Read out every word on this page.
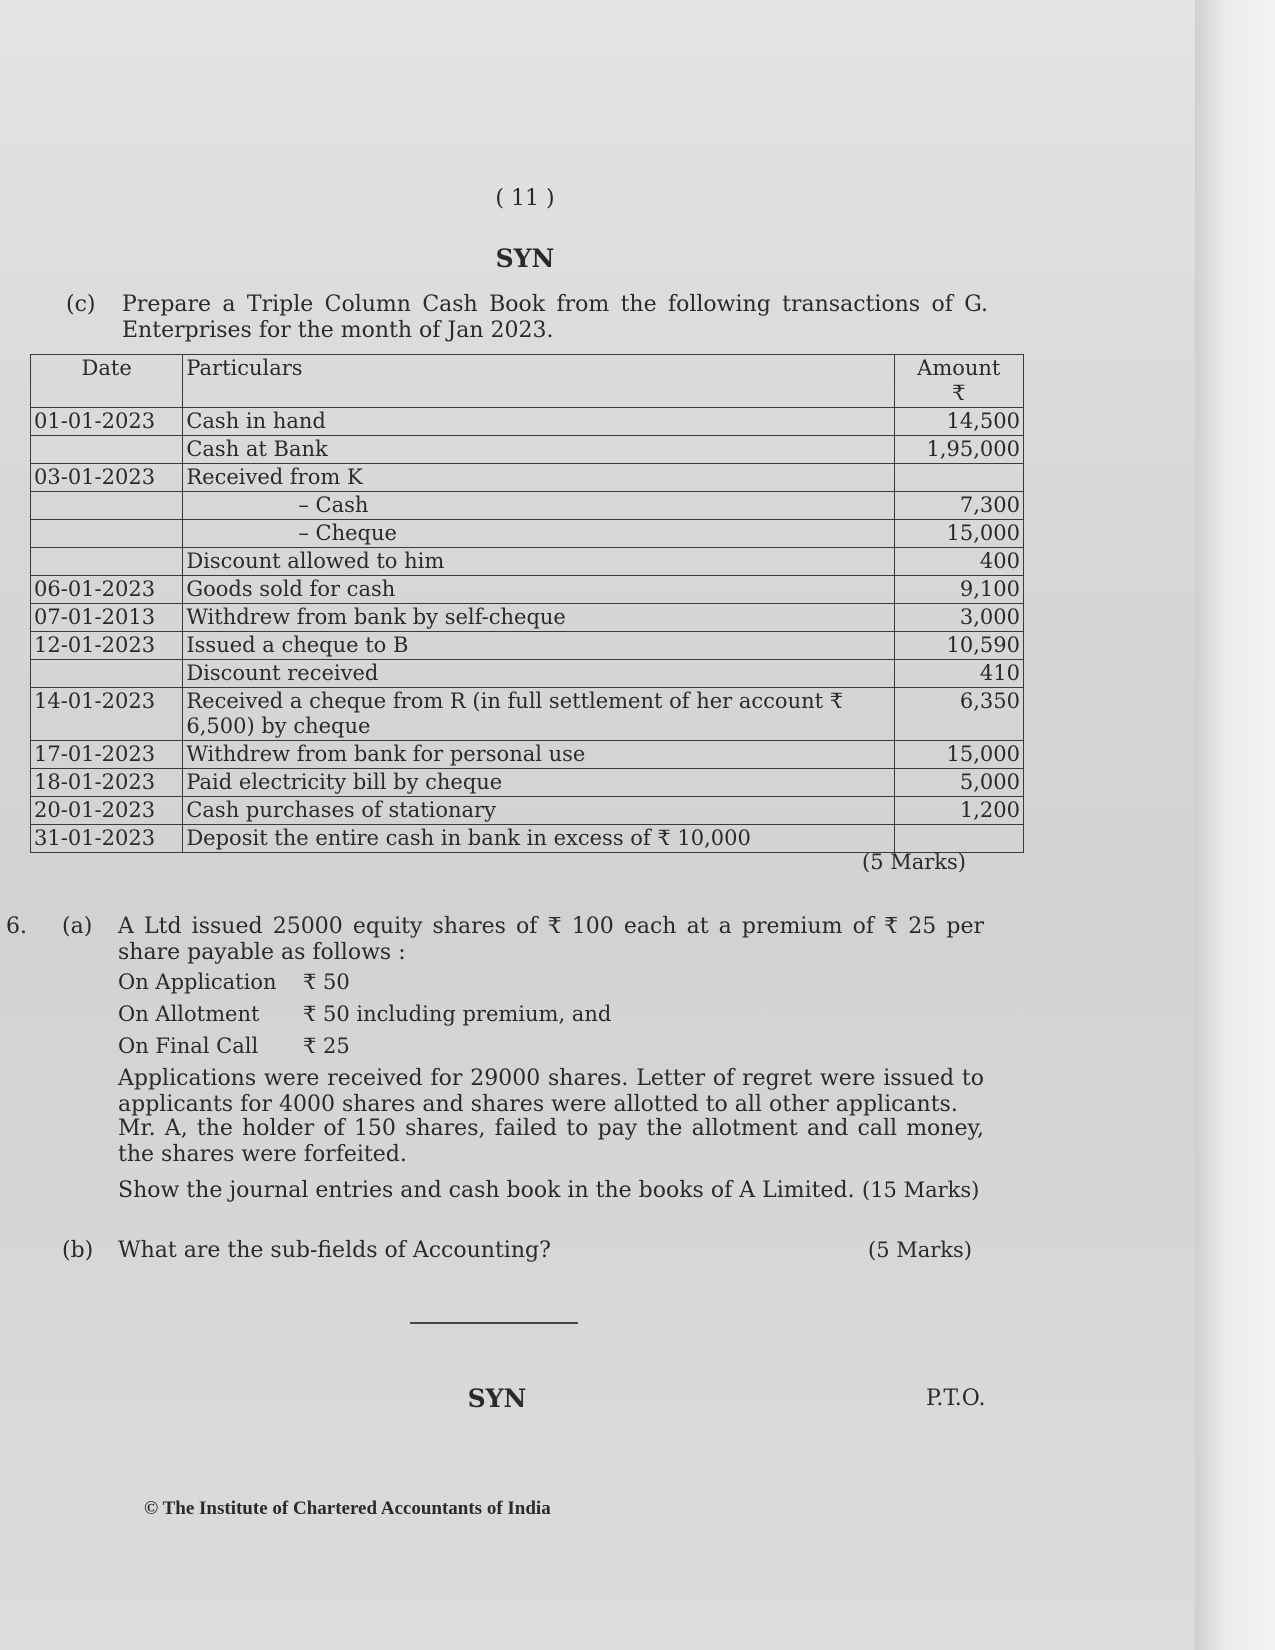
( 11 )
SYN
(c) Prepare a Triple Column Cash Book from the following transactions of G. Enterprises for the month of Jan 2023.
Date	Particulars	Amount
₹

01-01-2023	Cash in hand	14,500
	Cash at Bank	1,95,000
03-01-2023	Received from K	
	– Cash	7,300
	– Cheque	15,000
	Discount allowed to him	400
06-01-2023	Goods sold for cash	9,100
07-01-2013	Withdrew from bank by self-cheque	3,000
12-01-2023	Issued a cheque to B	10,590
	Discount received	410
14-01-2023	Received a cheque from R (in full settlement of her account ₹ 6,500) by cheque	6,350
17-01-2023	Withdrew from bank for personal use	15,000
18-01-2023	Paid electricity bill by cheque	5,000
20-01-2023	Cash purchases of stationary	1,200
31-01-2023	Deposit the entire cash in bank in excess of ₹ 10,000	
(5 Marks)
6. (a) A Ltd issued 25000 equity shares of ₹ 100 each at a premium of ₹ 25 per share payable as follows :
On Application ₹ 50
On Allotment ₹ 50 including premium, and
On Final Call ₹ 25
Applications were received for 29000 shares. Letter of regret were issued to applicants for 4000 shares and shares were allotted to all other applicants.
Mr. A, the holder of 150 shares, failed to pay the allotment and call money, the shares were forfeited.
Show the journal entries and cash book in the books of A Limited. (15 Marks)
(b) What are the sub-fields of Accounting?	(5 Marks)
SYN	P.T.O.
© The Institute of Chartered Accountants of India
